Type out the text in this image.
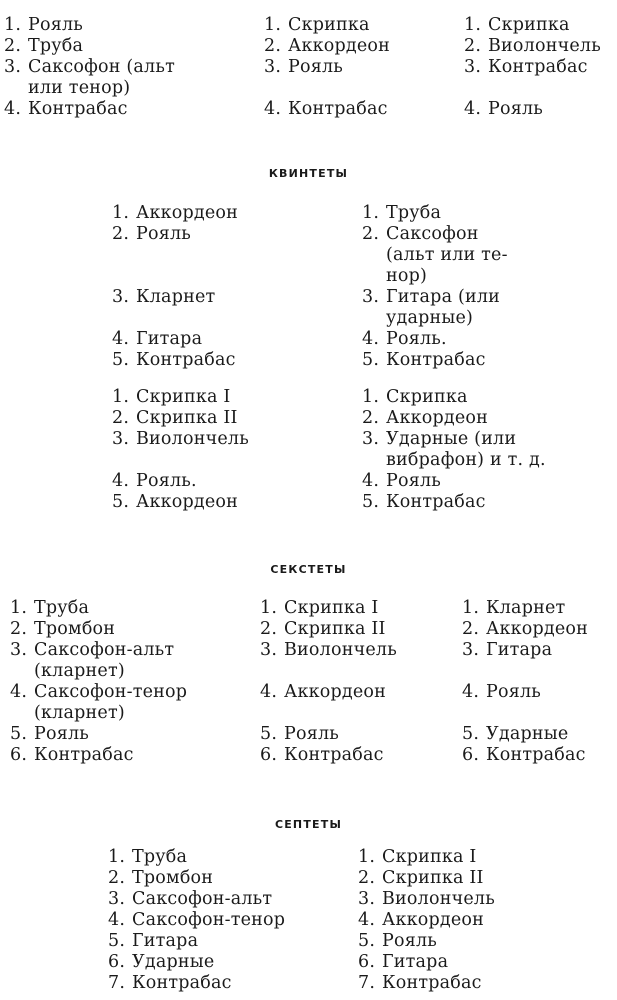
1. Рояль
2. Труба
3. Саксофон (альт
или тенор)
4. Контрабас
1. Скрипка
2. Аккордеон
3. Рояль
4. Контрабас
1. Скрипка
2. Виолончель
3. Контрабас
4. Рояль
КВИНТЕТЫ
1. Аккордеон
2. Рояль
3. Кларнет
4. Гитара
5. Контрабас
1. Труба
2. Саксофон
(альт или те-
нор)
3. Гитара (или
ударные)
4. Рояль.
5. Контрабас
1. Скрипка I
2. Скрипка II
3. Виолончель
4. Рояль.
5. Аккордеон
1. Скрипка
2. Аккордеон
3. Ударные (или
вибрафон) и т. д.
4. Рояль
5. Контрабас
СЕКСТЕТЫ
1. Труба
2. Тромбон
3. Саксофон-альт
(кларнет)
4. Саксофон-тенор
(кларнет)
5. Рояль
6. Контрабас
1. Скрипка I
2. Скрипка II
3. Виолончель
4. Аккордеон
5. Рояль
6. Контрабас
1. Кларнет
2. Аккордеон
3. Гитара
4. Рояль
5. Ударные
6. Контрабас
СЕПТЕТЫ
1. Труба
2. Тромбон
3. Саксофон-альт
4. Саксофон-тенор
5. Гитара
6. Ударные
7. Контрабас
1. Скрипка I
2. Скрипка II
3. Виолончель
4. Аккордеон
5. Рояль
6. Гитара
7. Контрабас
